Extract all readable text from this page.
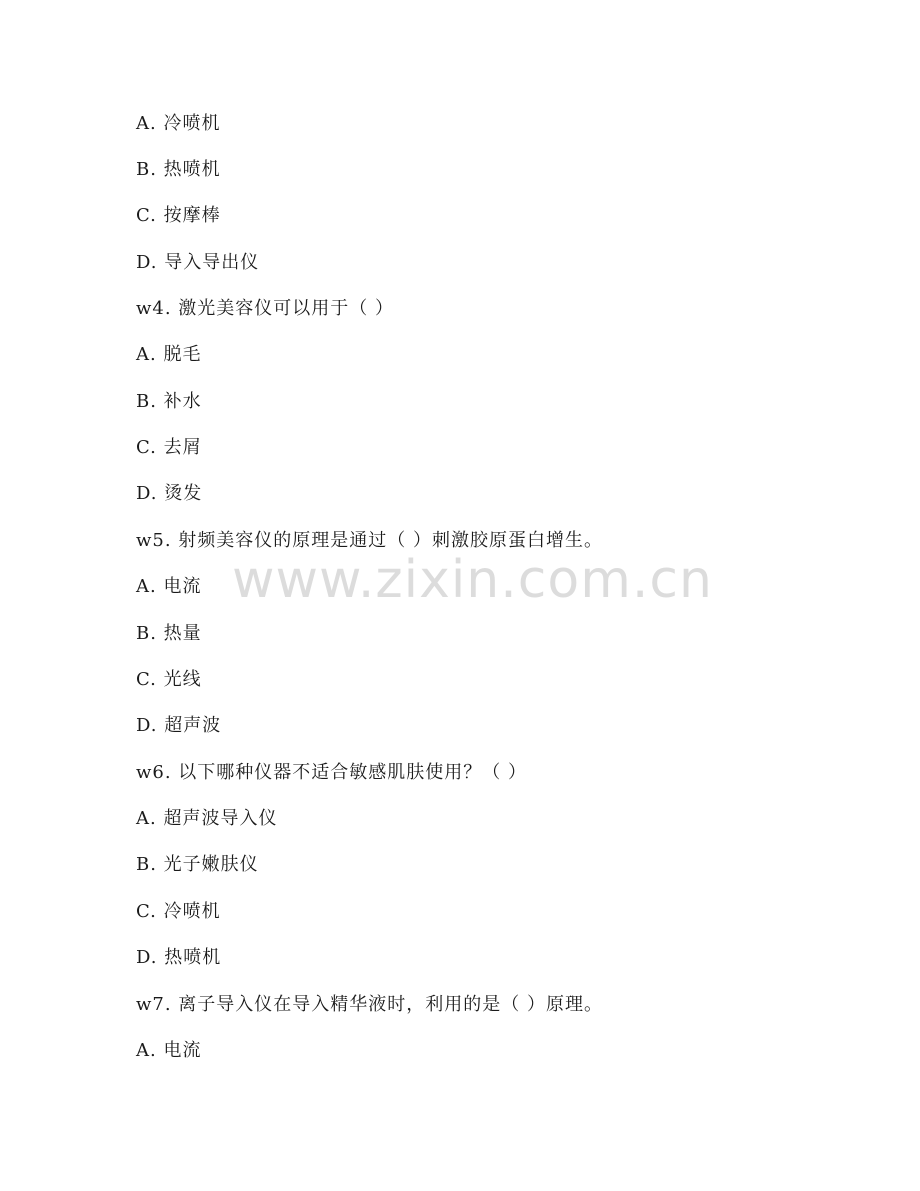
A. 冷喷机
B. 热喷机
C. 按摩棒
D. 导入导出仪
w4. 激光美容仪可以用于（ ）
A. 脱毛
B. 补水
C. 去屑
D. 烫发
w5. 射频美容仪的原理是通过（ ）刺激胶原蛋白增生。
A. 电流
B. 热量
C. 光线
D. 超声波
w6. 以下哪种仪器不适合敏感肌肤使用？（ ）
A. 超声波导入仪
B. 光子嫩肤仪
C. 冷喷机
D. 热喷机
w7. 离子导入仪在导入精华液时，利用的是（ ）原理。
A. 电流
www.zixin.com.cn
